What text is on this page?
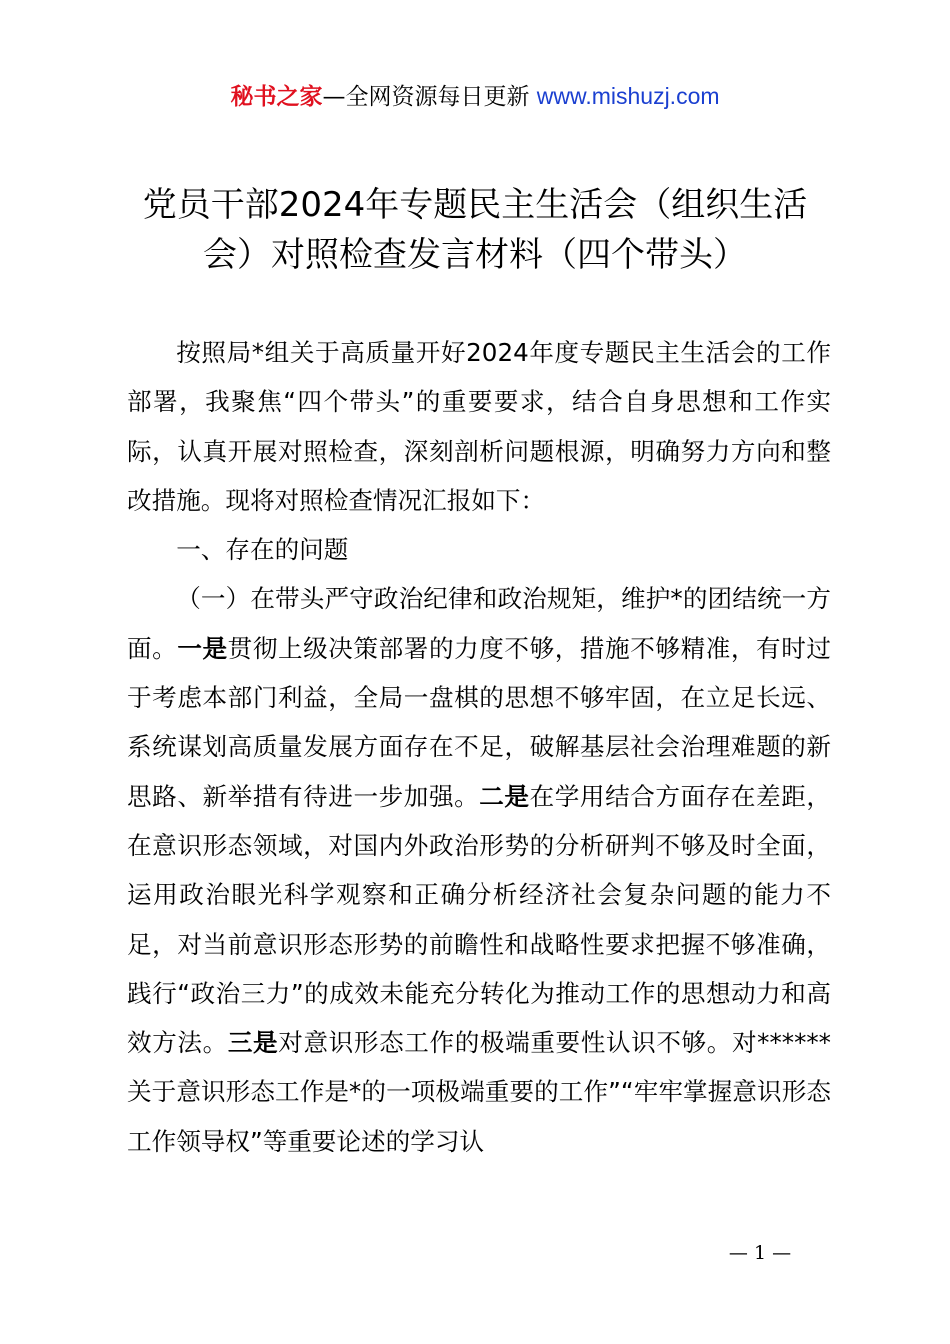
秘书之家—全网资源每日更新 www.mishuzj.com
党员干部2024年专题民主生活会（组织生活会）对照检查发言材料（四个带头）

按照局*组关于高质量开好2024年度专题民主生活会的工作部署，我聚焦“四个带头”的重要要求，结合自身思想和工作实际，认真开展对照检查，深刻剖析问题根源，明确努力方向和整改措施。现将对照检查情况汇报如下：

一、存在的问题

（一）在带头严守政治纪律和政治规矩，维护*的团结统一方面。一是贯彻上级决策部署的力度不够，措施不够精准，有时过于考虑本部门利益，全局一盘棋的思想不够牢固，在立足长远、系统谋划高质量发展方面存在不足，破解基层社会治理难题的新思路、新举措有待进一步加强。二是在学用结合方面存在差距，在意识形态领域，对国内外政治形势的分析研判不够及时全面，运用政治眼光科学观察和正确分析经济社会复杂问题的能力不足，对当前意识形态形势的前瞻性和战略性要求把握不够准确，践行“政治三力”的成效未能充分转化为推动工作的思想动力和高效方法。三是对意识形态工作的极端重要性认识不够。对******关于意识形态工作是*的一项极端重要的工作”“牢牢掌握意识形态工作领导权”等重要论述的学习认

— 1 —
